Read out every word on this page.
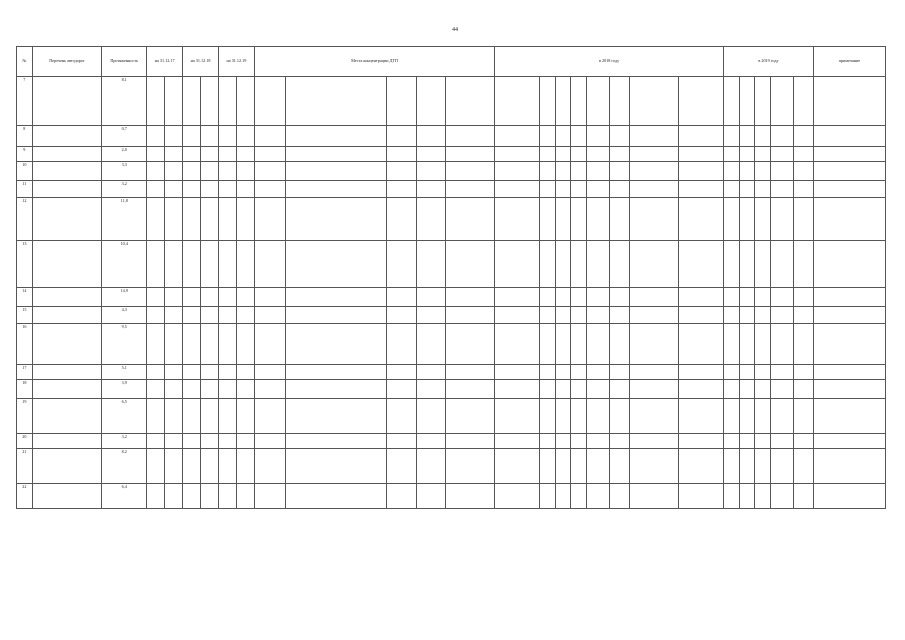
44
№	Перечень автодорог	Протяженность	на 31.12.17		на 31.12.18		на 31.12.19		Места концентрации ДТП					в 2018 году								в 2019 году					примечание
7		8,1																									
8		0,7																									
9		2,0																									
10		3,3																									
11		3,2																									
12		11,8																									
13		10,4																									
14		14,9																									
15		4,3																									
16		9,5																									
17		5,1																									
18		3,9																									
19		6,5																									
20		3,2																									
21		8,2																									
22		6,4																									
